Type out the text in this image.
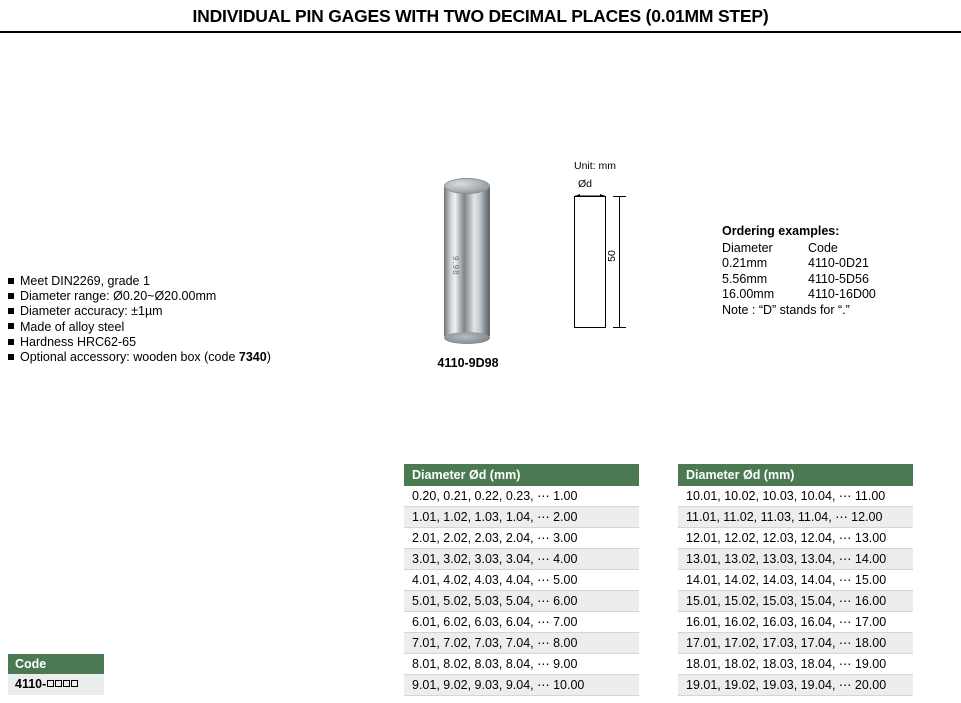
INDIVIDUAL PIN GAGES WITH TWO DECIMAL PLACES (0.01MM STEP)
Meet DIN2269, grade 1
Diameter range: Ø0.20~Ø20.00mm
Diameter accuracy: ±1µm
Made of alloy steel
Hardness HRC62-65
Optional accessory: wooden box (code 7340)
9.98
4110-9D98
Unit: mm
Ød
50
Ordering examples:
Diameter	Code
0.21mm	4110-0D21
5.56mm	4110-5D56
16.00mm	4110-16D00
Note : “D” stands for “.”
Diameter Ød (mm)
0.20, 0.21, 0.22, 0.23, ⋯ 1.00
1.01, 1.02, 1.03, 1.04, ⋯ 2.00
2.01, 2.02, 2.03, 2.04, ⋯ 3.00
3.01, 3.02, 3.03, 3.04, ⋯ 4.00
4.01, 4.02, 4.03, 4.04, ⋯ 5.00
5.01, 5.02, 5.03, 5.04, ⋯ 6.00
6.01, 6.02, 6.03, 6.04, ⋯ 7.00
7.01, 7.02, 7.03, 7.04, ⋯ 8.00
8.01, 8.02, 8.03, 8.04, ⋯ 9.00
9.01, 9.02, 9.03, 9.04, ⋯ 10.00
Diameter Ød (mm)
10.01, 10.02, 10.03, 10.04, ⋯ 11.00
11.01, 11.02, 11.03, 11.04, ⋯ 12.00
12.01, 12.02, 12.03, 12.04, ⋯ 13.00
13.01, 13.02, 13.03, 13.04, ⋯ 14.00
14.01, 14.02, 14.03, 14.04, ⋯ 15.00
15.01, 15.02, 15.03, 15.04, ⋯ 16.00
16.01, 16.02, 16.03, 16.04, ⋯ 17.00
17.01, 17.02, 17.03, 17.04, ⋯ 18.00
18.01, 18.02, 18.03, 18.04, ⋯ 19.00
19.01, 19.02, 19.03, 19.04, ⋯ 20.00
Code
4110-
